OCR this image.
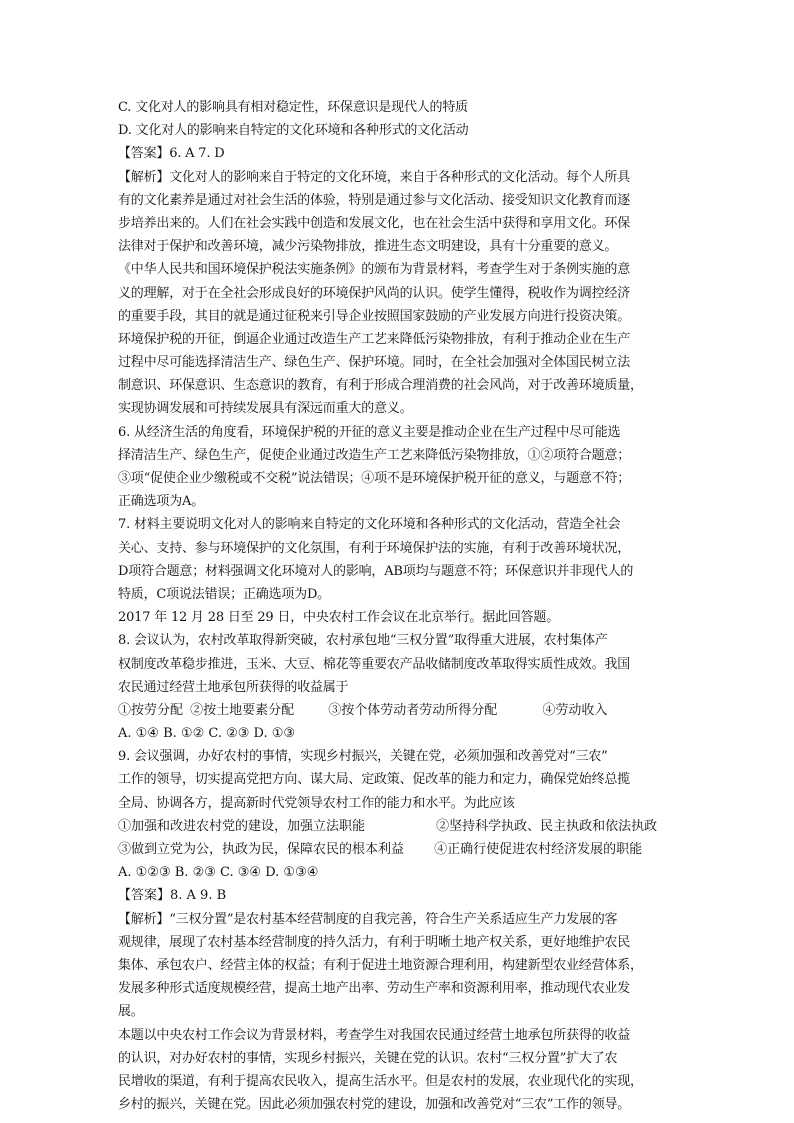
C. 文化对人的影响具有相对稳定性，环保意识是现代人的特质
D. 文化对人的影响来自特定的文化环境和各种形式的文化活动
【答案】6. A 7. D
【解析】文化对人的影响来自于特定的文化环境，来自于各种形式的文化活动。每个人所具
有的文化素养是通过对社会生活的体验，特别是通过参与文化活动、接受知识文化教育而逐
步培养出来的。人们在社会实践中创造和发展文化，也在社会生活中获得和享用文化。环保
法律对于保护和改善环境，减少污染物排放，推进生态文明建设，具有十分重要的意义。
《中华人民共和国环境保护税法实施条例》的颁布为背景材料，考查学生对于条例实施的意
义的理解，对于在全社会形成良好的环境保护风尚的认识。使学生懂得，税收作为调控经济
的重要手段，其目的就是通过征税来引导企业按照国家鼓励的产业发展方向进行投资决策。
环境保护税的开征，倒逼企业通过改造生产工艺来降低污染物排放，有利于推动企业在生产
过程中尽可能选择清洁生产、绿色生产、保护环境。同时，在全社会加强对全体国民树立法
制意识、环保意识、生态意识的教育，有利于形成合理消费的社会风尚，对于改善环境质量，
实现协调发展和可持续发展具有深远而重大的意义。
6. 从经济生活的角度看，环境保护税的开征的意义主要是推动企业在生产过程中尽可能选
择清洁生产、绿色生产，促使企业通过改造生产工艺来降低污染物排放，①②项符合题意；
③项“促使企业少缴税或不交税”说法错误；④项不是环境保护税开征的意义，与题意不符；
正确选项为A。
7. 材料主要说明文化对人的影响来自特定的文化环境和各种形式的文化活动，营造全社会
关心、支持、参与环境保护的文化氛围，有利于环境保护法的实施，有利于改善环境状况，
D项符合题意；材料强调文化环境对人的影响，AB项均与题意不符；环保意识并非现代人的
特质，C项说法错误；正确选项为D。
2017 年 12 月 28 日至 29 日，中央农村工作会议在北京举行。据此回答题。
8. 会议认为，农村改革取得新突破，农村承包地“三权分置”取得重大进展，农村集体产
权制度改革稳步推进，玉米、大豆、棉花等重要农产品收储制度改革取得实质性成效。我国
农民通过经营土地承包所获得的收益属于
①按劳分配 ②按土地要素分配	③按个体劳动者劳动所得分配	④劳动收入
A. ①④ B. ①② C. ②③ D. ①③
9. 会议强调，办好农村的事情，实现乡村振兴，关键在党，必须加强和改善党对“三农”
工作的领导，切实提高党把方向、谋大局、定政策、促改革的能力和定力，确保党始终总揽
全局、协调各方，提高新时代党领导农村工作的能力和水平。为此应该
①加强和改进农村党的建设，加强立法职能	②坚持科学执政、民主执政和依法执政
③做到立党为公，执政为民，保障农民的根本利益 ④正确行使促进农村经济发展的职能
A. ①②③ B. ②③ C. ③④ D. ①③④
【答案】8. A 9. B
【解析】“三权分置”是农村基本经营制度的自我完善，符合生产关系适应生产力发展的客
观规律，展现了农村基本经营制度的持久活力，有利于明晰土地产权关系，更好地维护农民
集体、承包农户、经营主体的权益；有利于促进土地资源合理利用，构建新型农业经营体系，
发展多种形式适度规模经营，提高土地产出率、劳动生产率和资源利用率，推动现代农业发
展。
本题以中央农村工作会议为背景材料，考查学生对我国农民通过经营土地承包所获得的收益
的认识，对办好农村的事情，实现乡村振兴，关键在党的认识。农村“三权分置”扩大了农
民增收的渠道，有利于提高农民收入，提高生活水平。但是农村的发展，农业现代化的实现，
乡村的振兴，关键在党。因此必须加强农村党的建设，加强和改善党对“三农”工作的领导。
